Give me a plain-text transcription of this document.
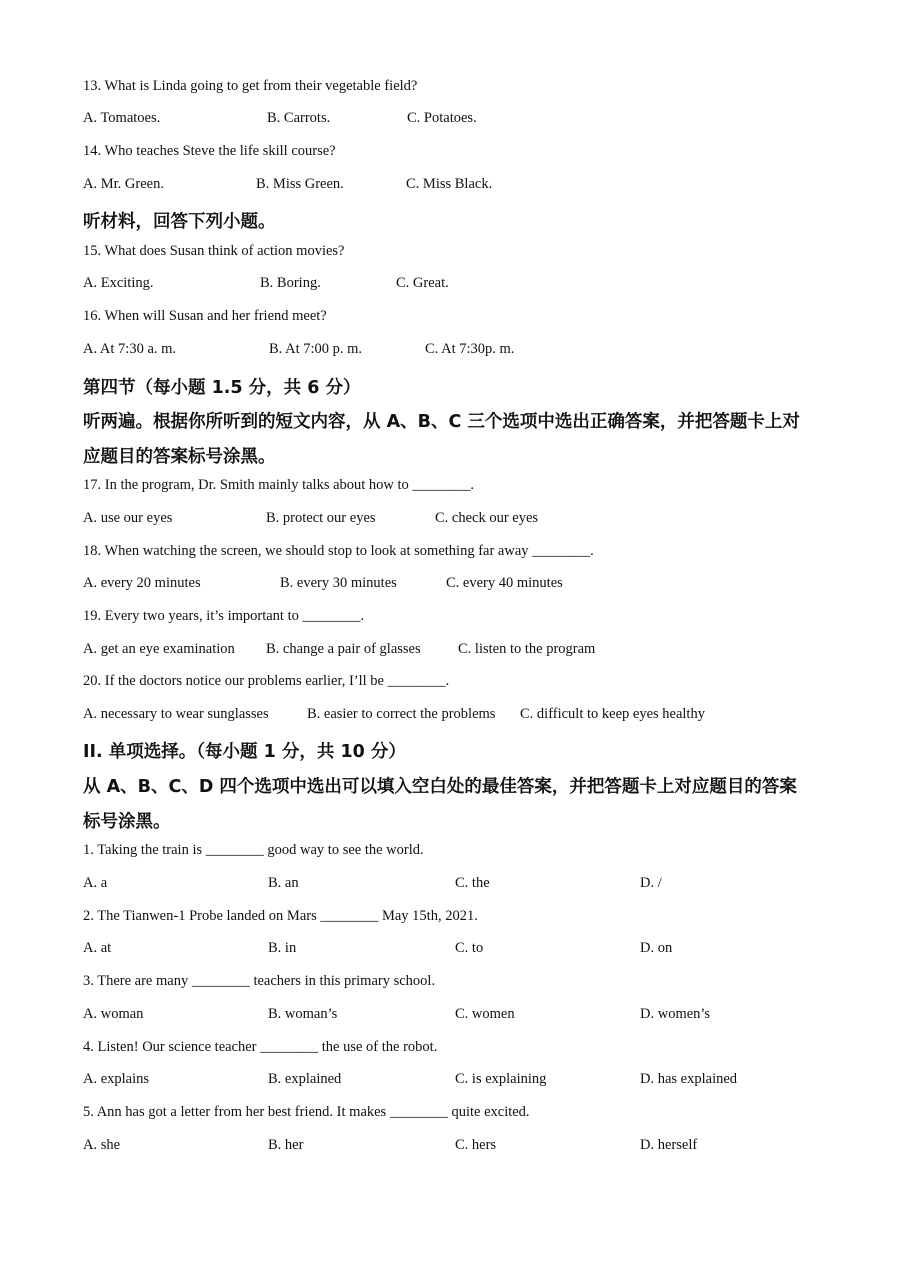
13. What is Linda going to get from their vegetable field?
A. Tomatoes.	B. Carrots.	C. Potatoes.
14. Who teaches Steve the life skill course?
A. Mr. Green.	B. Miss Green.	C. Miss Black.
听材料，回答下列小题。
15. What does Susan think of action movies?
A. Exciting.	B. Boring.	C. Great.
16. When will Susan and her friend meet?
A. At 7:30 a. m.	B. At 7:00 p. m.	C. At 7:30p. m.
第四节（每小题 1.5 分，共 6 分）
听两遍。根据你所听到的短文内容，从 A、B、C 三个选项中选出正确答案，并把答题卡上对
应题目的答案标号涂黑。
17. In the program, Dr. Smith mainly talks about how to ________.
A. use our eyes	B. protect our eyes	C. check our eyes
18. When watching the screen, we should stop to look at something far away ________.
A. every 20 minutes	B. every 30 minutes	C. every 40 minutes
19. Every two years, it’s important to ________.
A. get an eye examination B. change a pair of glasses	C. listen to the program
20. If the doctors notice our problems earlier, I’ll be ________.
A. necessary to wear sunglasses	B. easier to correct the problems C. difficult to keep eyes healthy
II. 单项选择。（每小题 1 分，共 10 分）
从 A、B、C、D 四个选项中选出可以填入空白处的最佳答案，并把答题卡上对应题目的答案
标号涂黑。
1. Taking the train is ________ good way to see the world.
A. a	B. an	C. the	D. /
2. The Tianwen-1 Probe landed on Mars ________ May 15th, 2021.
A. at	B. in	C. to	D. on
3. There are many ________ teachers in this primary school.
A. woman	B. woman’s	C. women	D. women’s
4. Listen! Our science teacher ________ the use of the robot.
A. explains	B. explained	C. is explaining	D. has explained
5. Ann has got a letter from her best friend. It makes ________ quite excited.
A. she	B. her	C. hers	D. herself
